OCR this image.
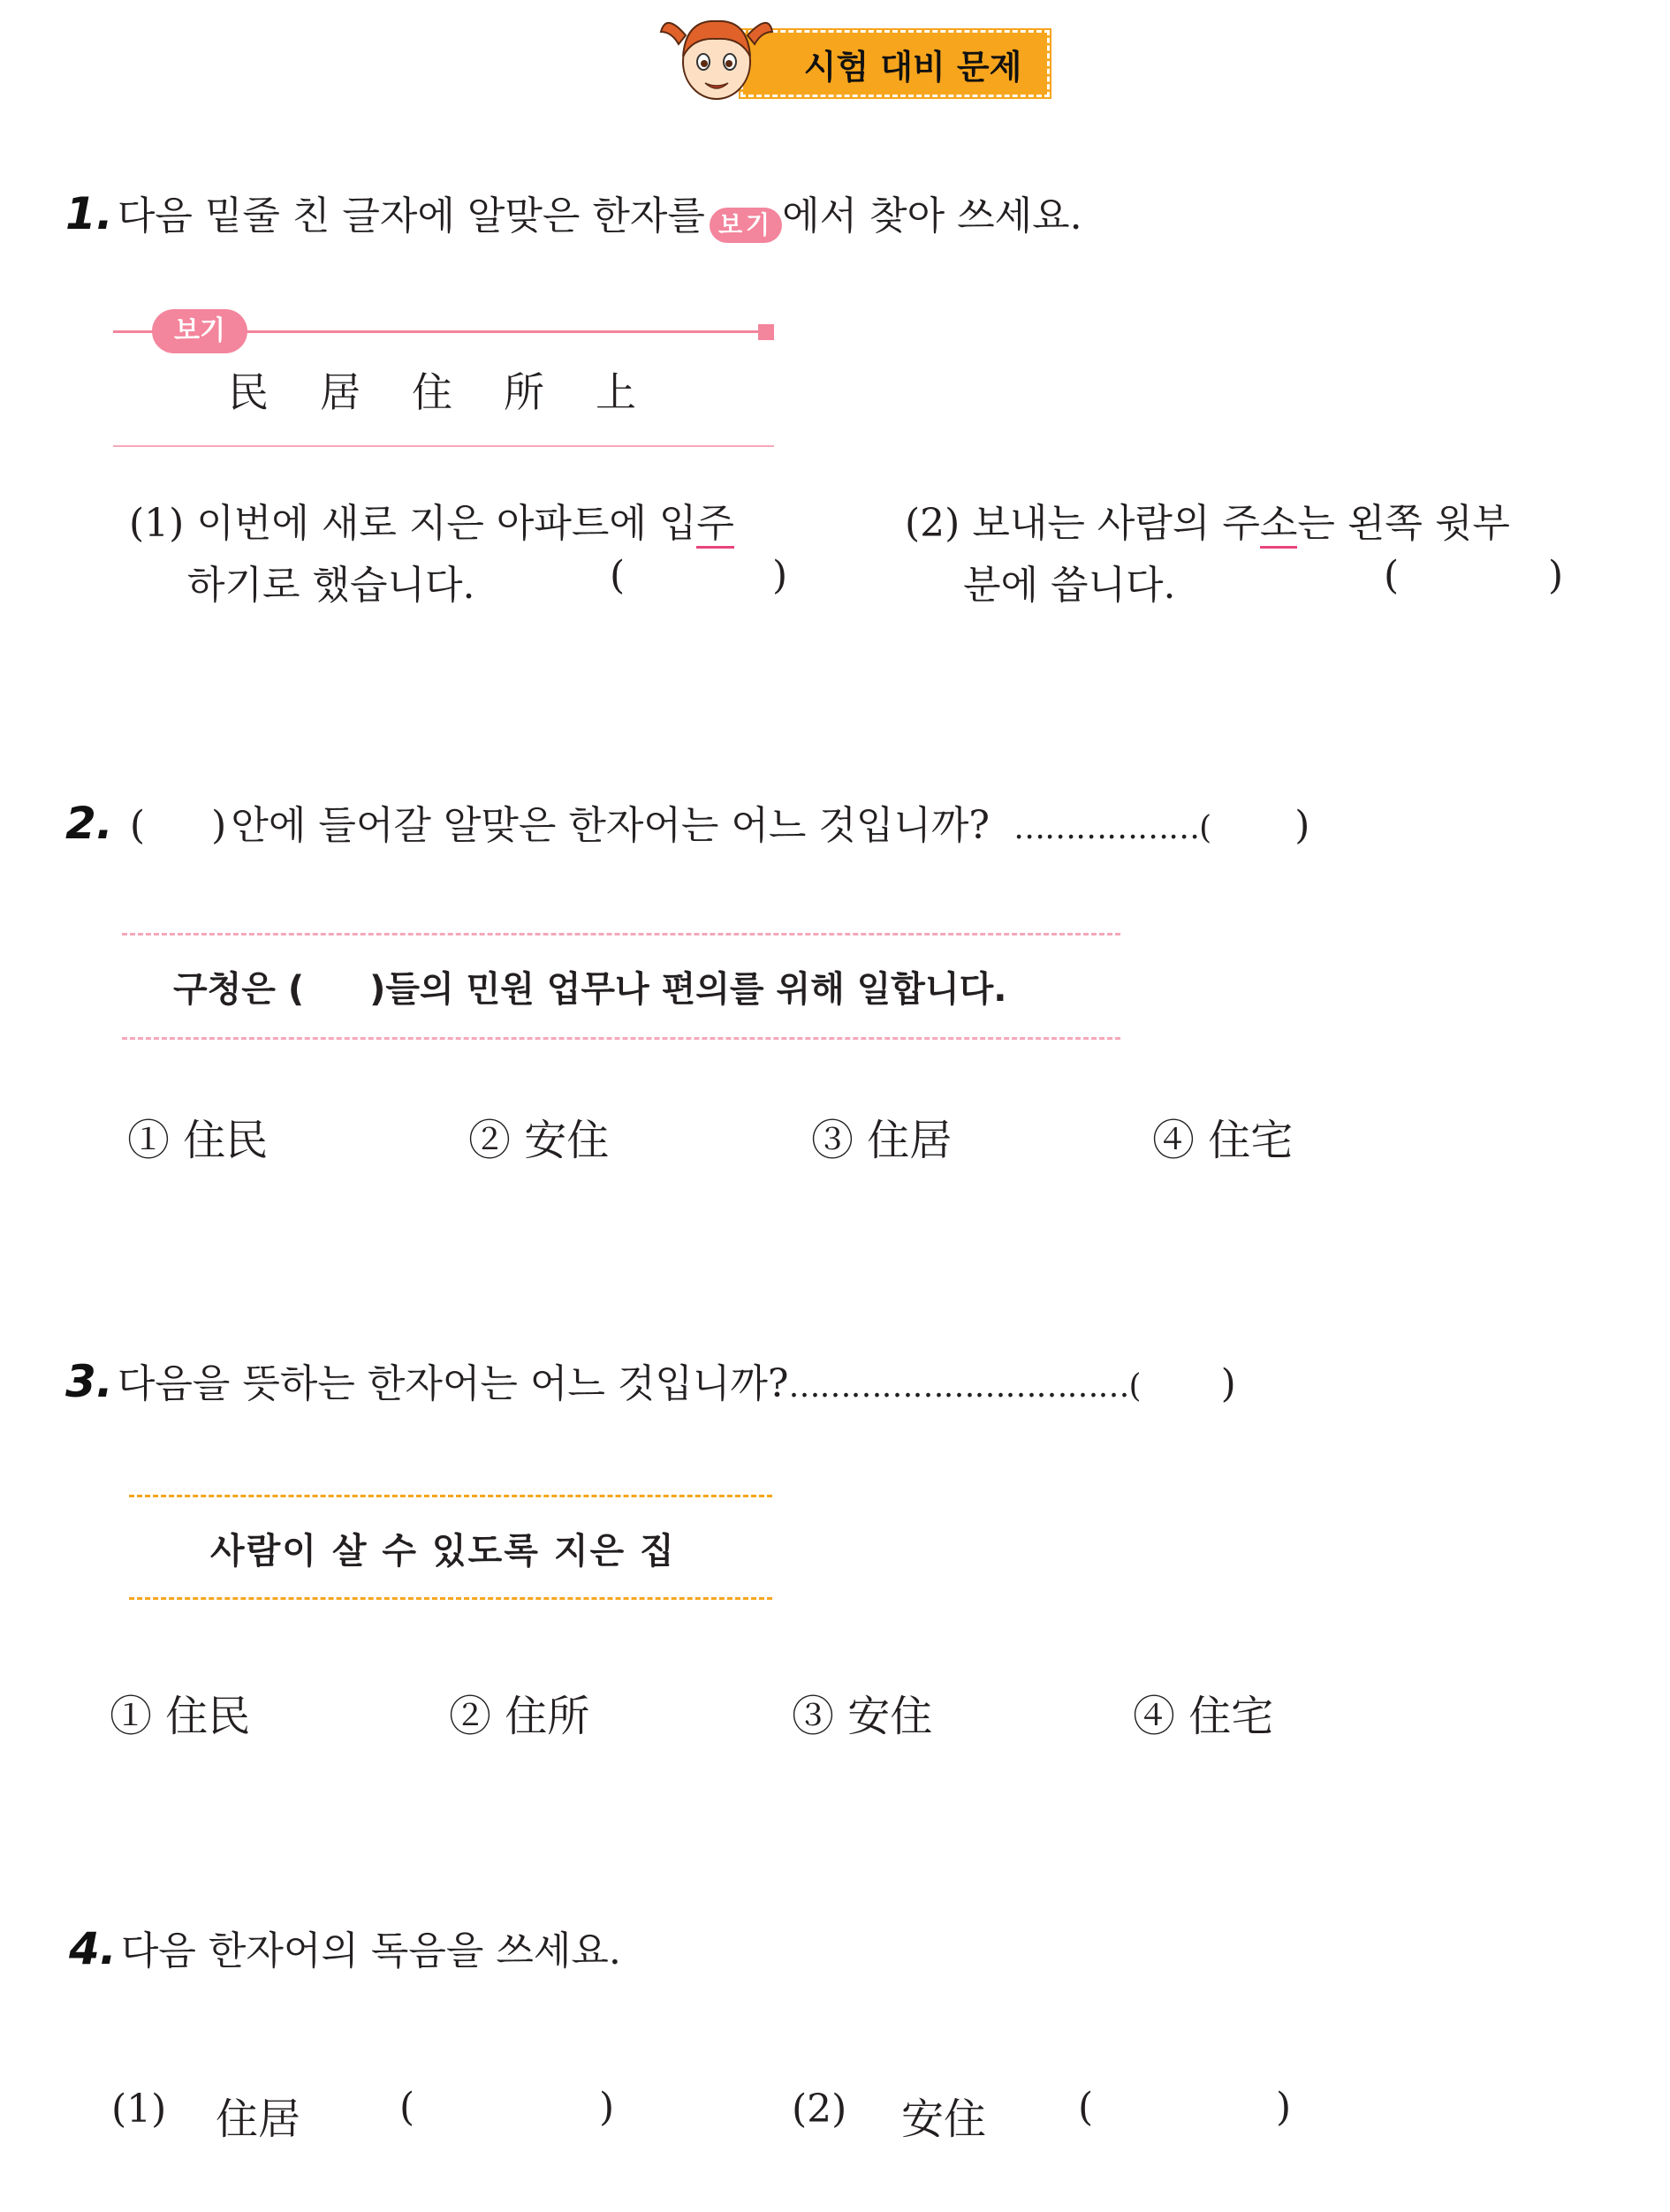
시험 대비 문제
1. 다음 밑줄 친 글자에 알맞은 한자를 보기 에서 찾아 쓰세요.
보기
民 居 住 所 上
(1) 이번에 새로 지은 아파트에 입주
하기로 했습니다.	(	)
(2) 보내는 사람의 주소는 왼쪽 윗부
분에 씁니다.	(	)
2. ( ) 안에 들어갈 알맞은 한자어는 어느 것입니까? ………………( )
구청은 ( )들의 민원 업무나 편의를 위해 일합니다.
① 住民	② 安住	③ 住居	④ 住宅
3. 다음을 뜻하는 한자어는 어느 것입니까?……………………………( )
사람이 살 수 있도록 지은 집
① 住民	② 住所	③ 安住	④ 住宅
4. 다음 한자어의 독음을 쓰세요.
(1) 住居	(	)	(2) 安住 (	)
